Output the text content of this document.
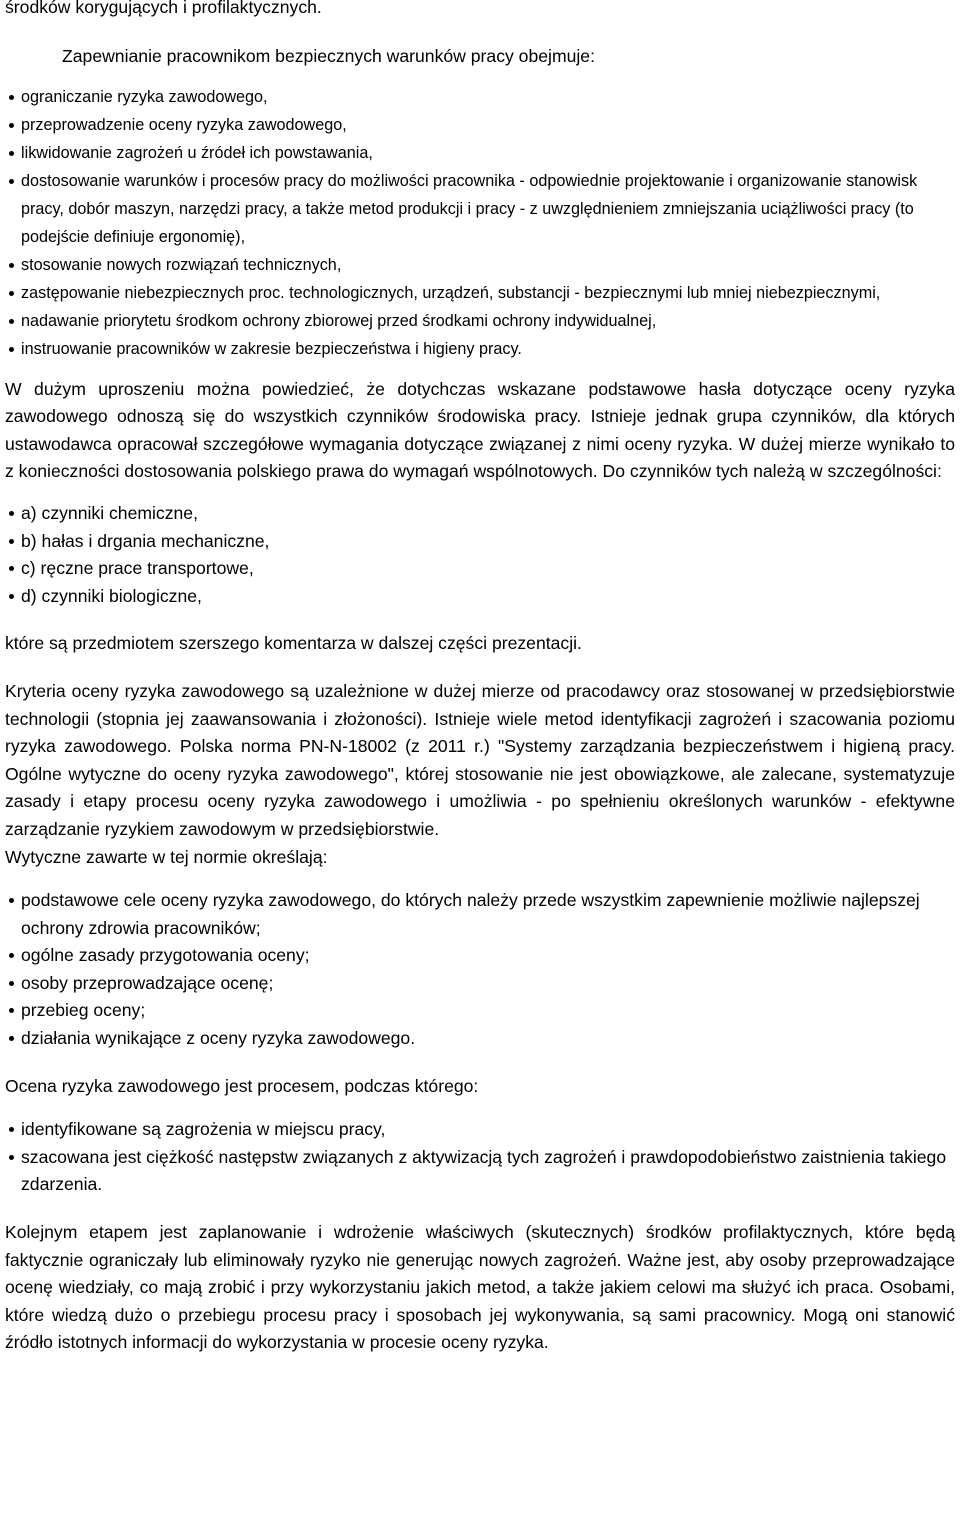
środków korygujących i profilaktycznych.

Zapewnianie pracownikom bezpiecznych warunków pracy obejmuje:

ograniczanie ryzyka zawodowego,
przeprowadzenie oceny ryzyka zawodowego,
likwidowanie zagrożeń u źródeł ich powstawania,
dostosowanie warunków i procesów pracy do możliwości pracownika - odpowiednie projektowanie i organizowanie stanowisk pracy, dobór maszyn, narzędzi pracy, a także metod produkcji i pracy - z uwzględnieniem zmniejszania uciążliwości pracy (to podejście definiuje ergonomię),
stosowanie nowych rozwiązań technicznych,
zastępowanie niebezpiecznych proc. technologicznych, urządzeń, substancji - bezpiecznymi lub mniej niebezpiecznymi,
nadawanie priorytetu środkom ochrony zbiorowej przed środkami ochrony indywidualnej,
instruowanie pracowników w zakresie bezpieczeństwa i higieny pracy.

W dużym uproszeniu można powiedzieć, że dotychczas wskazane podstawowe hasła dotyczące oceny ryzyka zawodowego odnoszą się do wszystkich czynników środowiska pracy. Istnieje jednak grupa czynników, dla których ustawodawca opracował szczegółowe wymagania dotyczące związanej z nimi oceny ryzyka. W dużej mierze wynikało to z konieczności dostosowania polskiego prawa do wymagań wspólnotowych. Do czynników tych należą w szczególności:

a) czynniki chemiczne,
b) hałas i drgania mechaniczne,
c) ręczne prace transportowe,
d) czynniki biologiczne,

które są przedmiotem szerszego komentarza w dalszej części prezentacji.

Kryteria oceny ryzyka zawodowego są uzależnione w dużej mierze od pracodawcy oraz stosowanej w przedsiębiorstwie technologii (stopnia jej zaawansowania i złożoności). Istnieje wiele metod identyfikacji zagrożeń i szacowania poziomu ryzyka zawodowego. Polska norma PN-N-18002 (z 2011 r.) "Systemy zarządzania bezpieczeństwem i higieną pracy. Ogólne wytyczne do oceny ryzyka zawodowego", której stosowanie nie jest obowiązkowe, ale zalecane, systematyzuje zasady i etapy procesu oceny ryzyka zawodowego i umożliwia - po spełnieniu określonych warunków - efektywne zarządzanie ryzykiem zawodowym w przedsiębiorstwie.

Wytyczne zawarte w tej normie określają:

podstawowe cele oceny ryzyka zawodowego, do których należy przede wszystkim zapewnienie możliwie najlepszej ochrony zdrowia pracowników;
ogólne zasady przygotowania oceny;
osoby przeprowadzające ocenę;
przebieg oceny;
działania wynikające z oceny ryzyka zawodowego.

Ocena ryzyka zawodowego jest procesem, podczas którego:

identyfikowane są zagrożenia w miejscu pracy,
szacowana jest ciężkość następstw związanych z aktywizacją tych zagrożeń i prawdopodobieństwo zaistnienia takiego zdarzenia.

Kolejnym etapem jest zaplanowanie i wdrożenie właściwych (skutecznych) środków profilaktycznych, które będą faktycznie ograniczały lub eliminowały ryzyko nie generując nowych zagrożeń. Ważne jest, aby osoby przeprowadzające ocenę wiedziały, co mają zrobić i przy wykorzystaniu jakich metod, a także jakiem celowi ma służyć ich praca. Osobami, które wiedzą dużo o przebiegu procesu pracy i sposobach jej wykonywania, są sami pracownicy. Mogą oni stanowić źródło istotnych informacji do wykorzystania w procesie oceny ryzyka.
